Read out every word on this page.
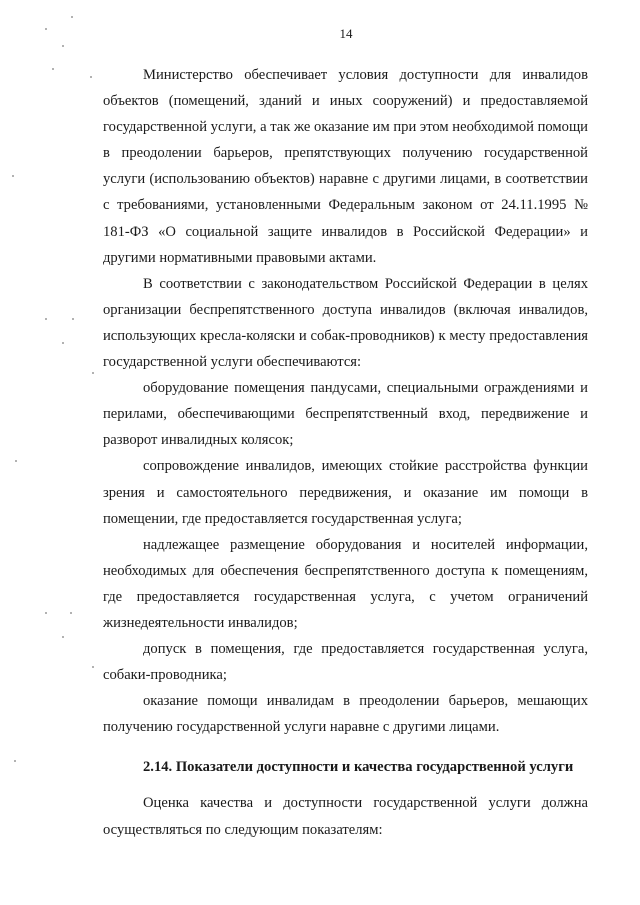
14

Министерство обеспечивает условия доступности для инвалидов объектов (помещений, зданий и иных сооружений) и предоставляемой государственной услуги, а так же оказание им при этом необходимой помощи в преодолении барьеров, препятствующих получению государственной услуги (использованию объектов) наравне с другими лицами, в соответствии с требованиями, установленными Федеральным законом от 24.11.1995 № 181-ФЗ «О социальной защите инвалидов в Российской Федерации» и другими нормативными правовыми актами.

В соответствии с законодательством Российской Федерации в целях организации беспрепятственного доступа инвалидов (включая инвалидов, использующих кресла-коляски и собак-проводников) к месту предоставления государственной услуги обеспечиваются:

оборудование помещения пандусами, специальными ограждениями и перилами, обеспечивающими беспрепятственный вход, передвижение и разворот инвалидных колясок;

сопровождение инвалидов, имеющих стойкие расстройства функции зрения и самостоятельного передвижения, и оказание им помощи в помещении, где предоставляется государственная услуга;

надлежащее размещение оборудования и носителей информации, необходимых для обеспечения беспрепятственного доступа к помещениям, где предоставляется государственная услуга, с учетом ограничений жизнедеятельности инвалидов;

допуск в помещения, где предоставляется государственная услуга, собаки-проводника;

оказание помощи инвалидам в преодолении барьеров, мешающих получению государственной услуги наравне с другими лицами.

2.14. Показатели доступности и качества государственной услуги

Оценка качества и доступности государственной услуги должна осуществляться по следующим показателям:
